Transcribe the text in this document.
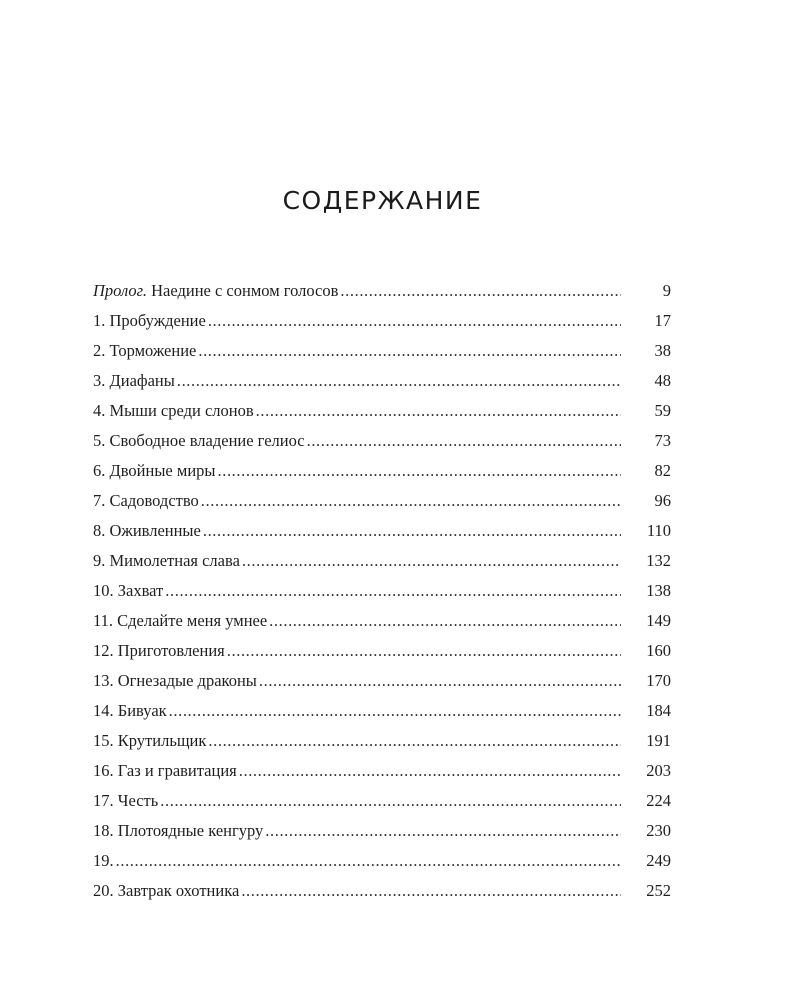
СОДЕРЖАНИЕ
Пролог. Наедине с сонмом голосов .....	9
1. Пробуждение .....	17
2. Торможение .....	38
3. Диафаны .....	48
4. Мыши среди слонов .....	59
5. Свободное владение гелиос .....	73
6. Двойные миры .....	82
7. Садоводство .....	96
8. Оживленные .....	110
9. Мимолетная слава .....	132
10. Захват .....	138
11. Сделайте меня умнее .....	149
12. Приготовления .....	160
13. Огнезадые драконы .....	170
14. Бивуак .....	184
15. Крутильщик .....	191
16. Газ и гравитация .....	203
17. Честь .....	224
18. Плотоядные кенгуру .....	230
19. .....	249
20. Завтрак охотника .....	252
